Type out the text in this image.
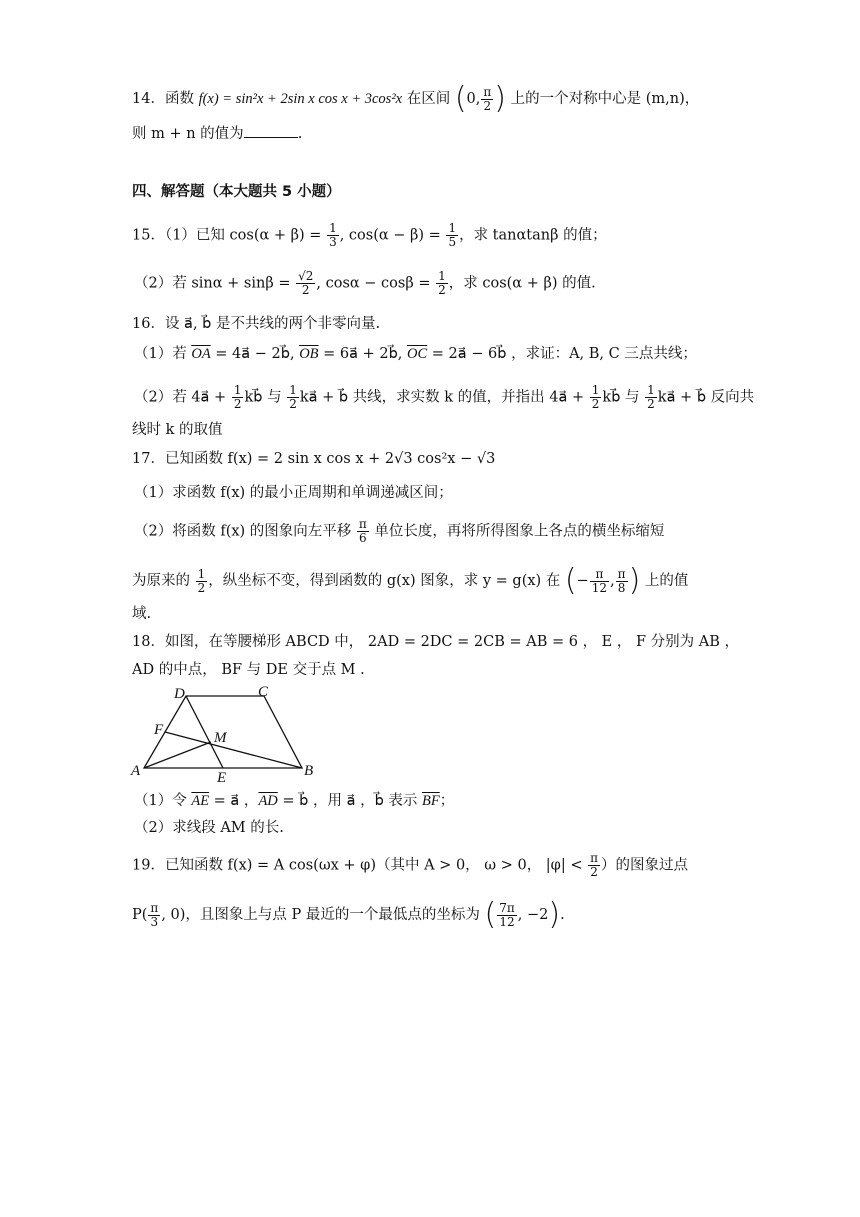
14．函数 f(x) = sin²x + 2sin x cos x + 3cos²x 在区间 (0, $\frac{\pi}{2}$ ) 上的一个对称中心是 (m,n)，
则 m + n 的值为	.
四、解答题（本大题共 5 小题）
15．（1）已知 $\cos(\alpha + \beta) = \frac{1}{3}$ , $\cos(\alpha - \beta) = \frac{1}{5}$ ，求 tanαtanβ 的值；
（2）若 $\sin\alpha + \sin\beta = \frac{√2}{2}$ , $\cos\alpha - \cos\beta = \frac{1}{2}$ ，求 cos(α + β) 的值.
16．设 a⃗, b⃗ 是不共线的两个非零向量.
（1）若 $\overline{OA}$ = 4a⃗ − 2b⃗, $\overline{OB}$ = 6a⃗ + 2b⃗, $\overline{OC}$ = 2a⃗ − 6b⃗ ，求证：A, B, C 三点共线；
（2）若 4a⃗ + $\frac{1}{2}$ kb⃗ 与 $\frac{1}{2}$ ka⃗ + b⃗ 共线，求实数 k 的值，并指出 4a⃗ + $\frac{1}{2}$ kb⃗ 与 $\frac{1}{2}$ ka⃗ + b⃗ 反向共
线时 k 的取值
17．已知函数 f(x) = 2 sin x cos x + 2√3 cos²x − √3
（1）求函数 f(x) 的最小正周期和单调递减区间；
（2）将函数 f(x) 的图象向左平移 $\frac{\pi}{6}$ 单位长度，再将所得图象上各点的横坐标缩短
为原来的 $\frac{1}{2}$ ，纵坐标不变，得到函数的 g(x) 图象，求 y = g(x) 在 (− $\frac{\pi}{12}$ , $\frac{\pi}{8}$ ) 上的值
域.
18．如图，在等腰梯形 ABCD 中， 2AD = 2DC = 2CB = AB = 6 ， E ， F 分别为 AB ，
AD 的中点， BF 与 DE 交于点 M .
D	C
F	M
A	E	B
（1）令 $\overline{AE}$ = a⃗ ，$\overline{AD}$ = b⃗ ，用 a⃗ ，b⃗ 表示 $\overline{BF}$；
（2）求线段 AM 的长.
19．已知函数 f(x) = A cos(ωx + φ)（其中 A > 0， ω > 0， $|\varphi| < \frac{\pi}{2}$ ）的图象过点
$P( \frac{\pi}{3}$ , 0)，且图象上与点 P 最近的一个最低点的坐标为 ( $\frac{7\pi}{12}$ , −2).
